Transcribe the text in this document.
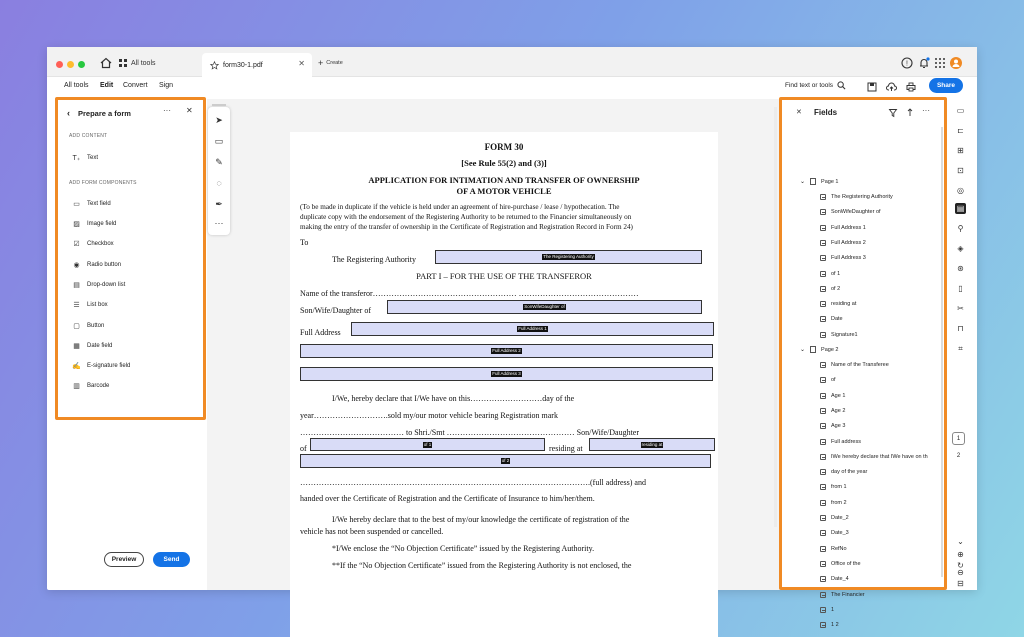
All tools	form30-1.pdf	✕ + Create	!
All tools Edit Convert Sign	Find text or tools	Share
‹ Prepare a form	··· ✕
ADD CONTENT
T₊ Text
ADD FORM COMPONENTS
▭ Text field
▨ Image field
☑ Checkbox
◉ Radio button
▤ Drop-down list
☰ List box
▢ Button
▦ Date field
✍ E-signature field
▥ Barcode
Preview	Send
➤
▭
✎
◌
✒
···
FORM 30
[See Rule 55(2) and (3)]
APPLICATION FOR INTIMATION AND TRANSFER OF OWNERSHIP
OF A MOTOR VEHICLE
(To be made in duplicate if the vehicle is held under an agreement of hire-purchase / lease / hypothecation. The
duplicate copy with the endorsement of the Registering Authority to be returned to the Financier simultaneously on
making the entry of the transfer of ownership in the Certificate of Registration and Registration Record in Form 24)
To
The Registering Authority	The Registering Authority
PART I – FOR THE USE OF THE TRANSFEROR
Name of the transferor……………………………………………… ………………………………………
Son/Wife/Daughter of	SonWifeDaughter of
Full Address	Full Address 1
Full Address 2
Full Address 3
I/We, hereby declare that I/We have on this………………………day of the
year……………………….sold my/our motor vehicle bearing Registration mark
………………………………… to Shri./Smt ………………………………………… Son/Wife/Daughter
of	of 1	residing at	residing at
of 2
……………………………………………………………………………………………….(full address) and
handed over the Certificate of Registration and the Certificate of Insurance to him/her/them.
I/We hereby declare that to the best of my/our knowledge the certificate of registration of the
vehicle has not been suspended or cancelled.
*I/We enclose the “No Objection Certificate” issued by the Registering Authority.
**If the “No Objection Certificate” issued from the Registering Authority is not enclosed, the
✕ Fields	···
⌄	Page 1
The Registering Authority
SonWifeDaughter of
Full Address 1
Full Address 2
Full Address 3
of 1
of 2
residing at
Date
Signature1
⌄	Page 2
Name of the Transferee
of
Age 1
Age 2
Age 3
Full address
IWe hereby declare that IWe have on th
day of the year
from 1
from 2
Date_2
Date_3
RefNo
Office of the
Date_4
The Financier
1
1 2
▭
⊏
⊞
⊡
◎
▤
⚲
◈
⊛
▯
✂
⊓
⌗
⌄
↻
⊟
1
2
⊕
⊖
